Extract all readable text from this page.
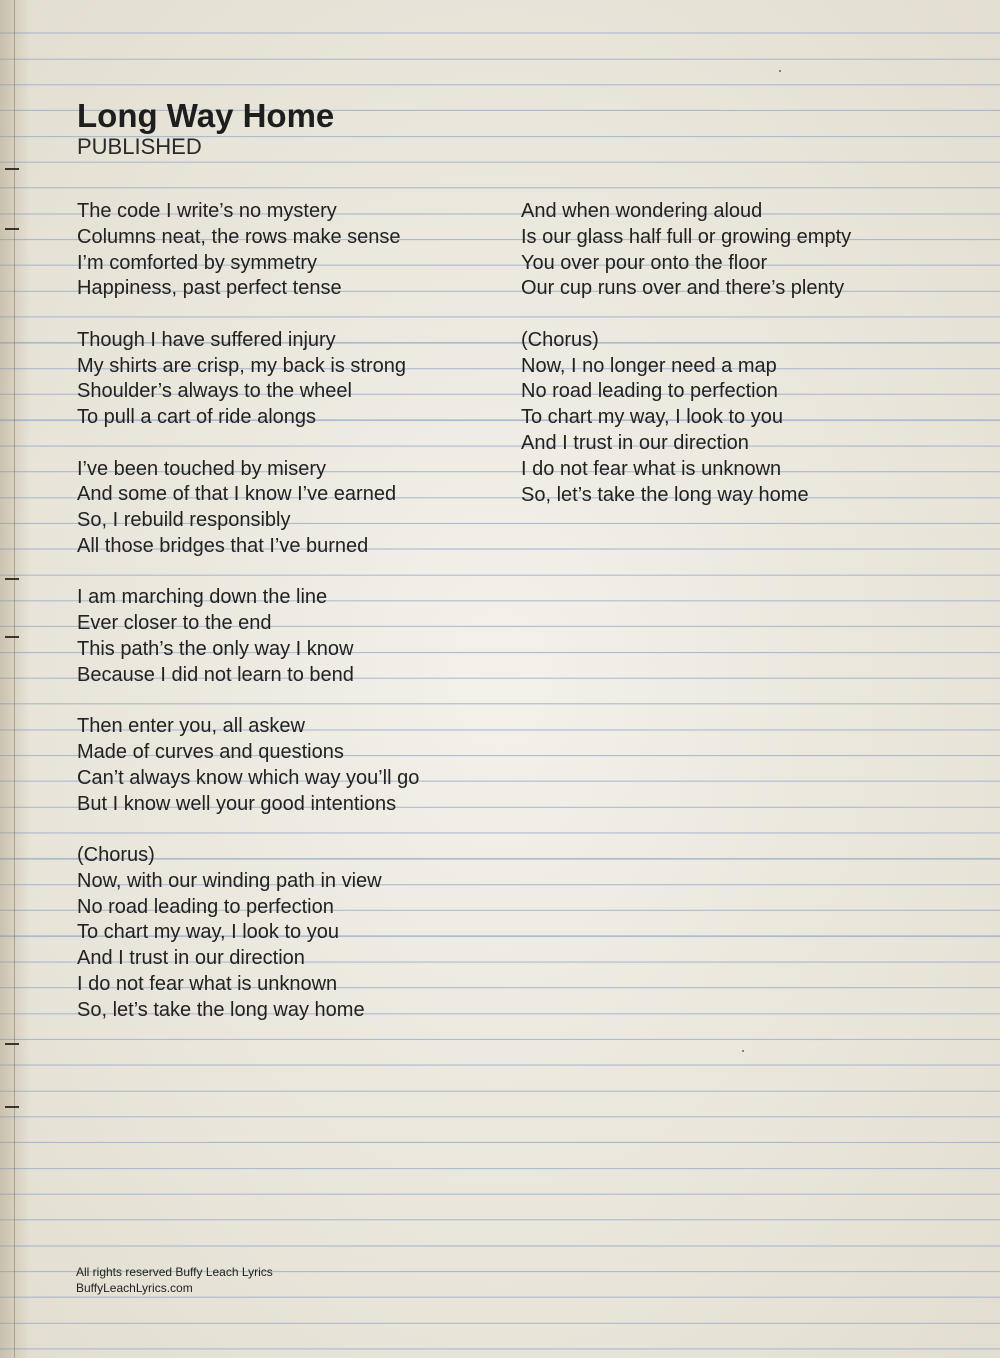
Long Way Home
PUBLISHED
The code I write’s no mystery
Columns neat, the rows make sense
I’m comforted by symmetry
Happiness, past perfect tense
Though I have suffered injury
My shirts are crisp, my back is strong
Shoulder’s always to the wheel
To pull a cart of ride alongs
I’ve been touched by misery
And some of that I know I’ve earned
So, I rebuild responsibly
All those bridges that I’ve burned
I am marching down the line
Ever closer to the end
This path’s the only way I know
Because I did not learn to bend
Then enter you, all askew
Made of curves and questions
Can’t always know which way you’ll go
But I know well your good intentions
(Chorus)
Now, with our winding path in view
No road leading to perfection
To chart my way, I look to you
And I trust in our direction
I do not fear what is unknown
So, let’s take the long way home
And when wondering aloud
Is our glass half full or growing empty
You over pour onto the floor
Our cup runs over and there’s plenty
(Chorus)
Now, I no longer need a map
No road leading to perfection
To chart my way, I look to you
And I trust in our direction
I do not fear what is unknown
So, let’s take the long way home
All rights reserved Buffy Leach Lyrics
BuffyLeachLyrics.com
